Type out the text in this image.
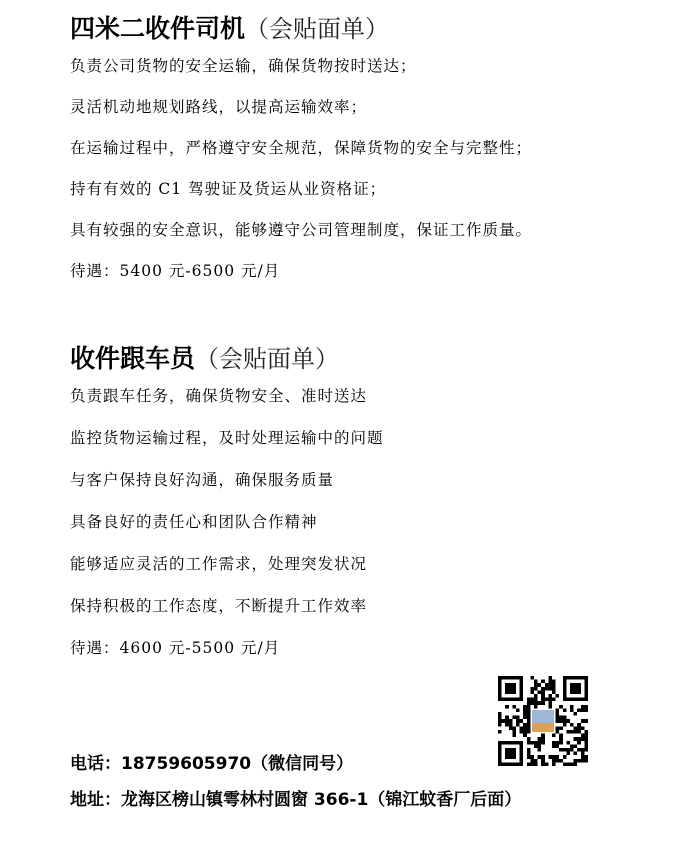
四米二收件司机（会贴面单）

负责公司货物的安全运输，确保货物按时送达；

灵活机动地规划路线，以提高运输效率；

在运输过程中，严格遵守安全规范，保障货物的安全与完整性；

持有有效的 C1 驾驶证及货运从业资格证；

具有较强的安全意识，能够遵守公司管理制度，保证工作质量。

待遇：5400 元-6500 元/月

收件跟车员（会贴面单）

负责跟车任务，确保货物安全、准时送达

监控货物运输过程，及时处理运输中的问题

与客户保持良好沟通，确保服务质量

具备良好的责任心和团队合作精神

能够适应灵活的工作需求，处理突发状况

保持积极的工作态度，不断提升工作效率

待遇：4600 元-5500 元/月

电话：18759605970（微信同号）
地址：龙海区榜山镇雩林村圆窗 366-1（锦江蚊香厂后面）
